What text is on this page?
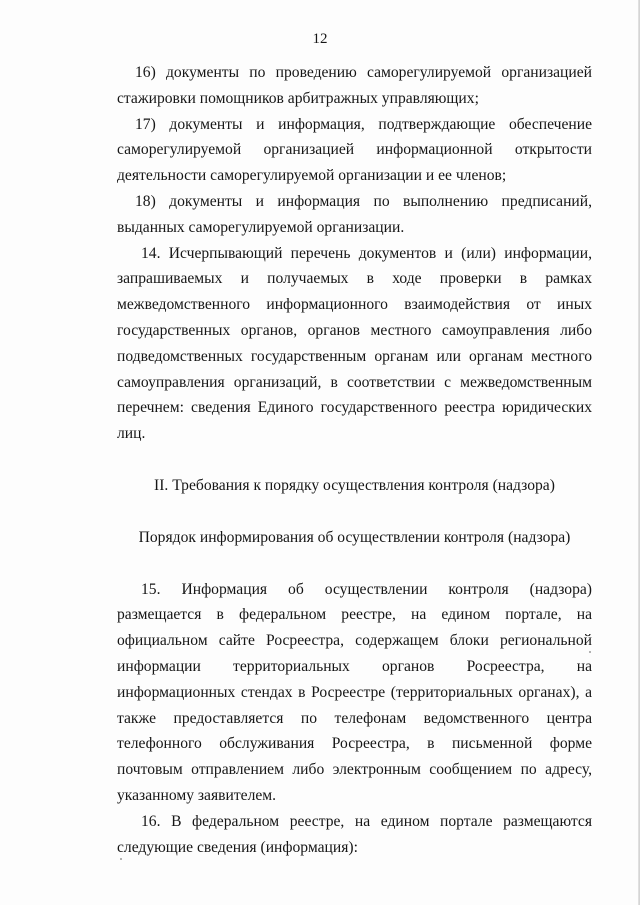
12

16) документы по проведению саморегулируемой организацией стажировки помощников арбитражных управляющих;

17) документы и информация, подтверждающие обеспечение саморегулируемой организацией информационной открытости деятельности саморегулируемой организации и ее членов;

18) документы и информация по выполнению предписаний, выданных саморегулируемой организации.

14. Исчерпывающий перечень документов и (или) информации, запрашиваемых и получаемых в ходе проверки в рамках межведомственного информационного взаимодействия от иных государственных органов, органов местного самоуправления либо подведомственных государственным органам или органам местного самоуправления организаций, в соответствии с межведомственным перечнем: сведения Единого государственного реестра юридических лиц.

II. Требования к порядку осуществления контроля (надзора)

Порядок информирования об осуществлении контроля (надзора)

15. Информация об осуществлении контроля (надзора) размещается в федеральном реестре, на едином портале, на официальном сайте Росреестра, содержащем блоки региональной информации территориальных органов Росреестра, на информационных стендах в Росреестре (территориальных органах), а также предоставляется по телефонам ведомственного центра телефонного обслуживания Росреестра, в письменной форме почтовым отправлением либо электронным сообщением по адресу, указанному заявителем.

16. В федеральном реестре, на едином портале размещаются следующие сведения (информация):
